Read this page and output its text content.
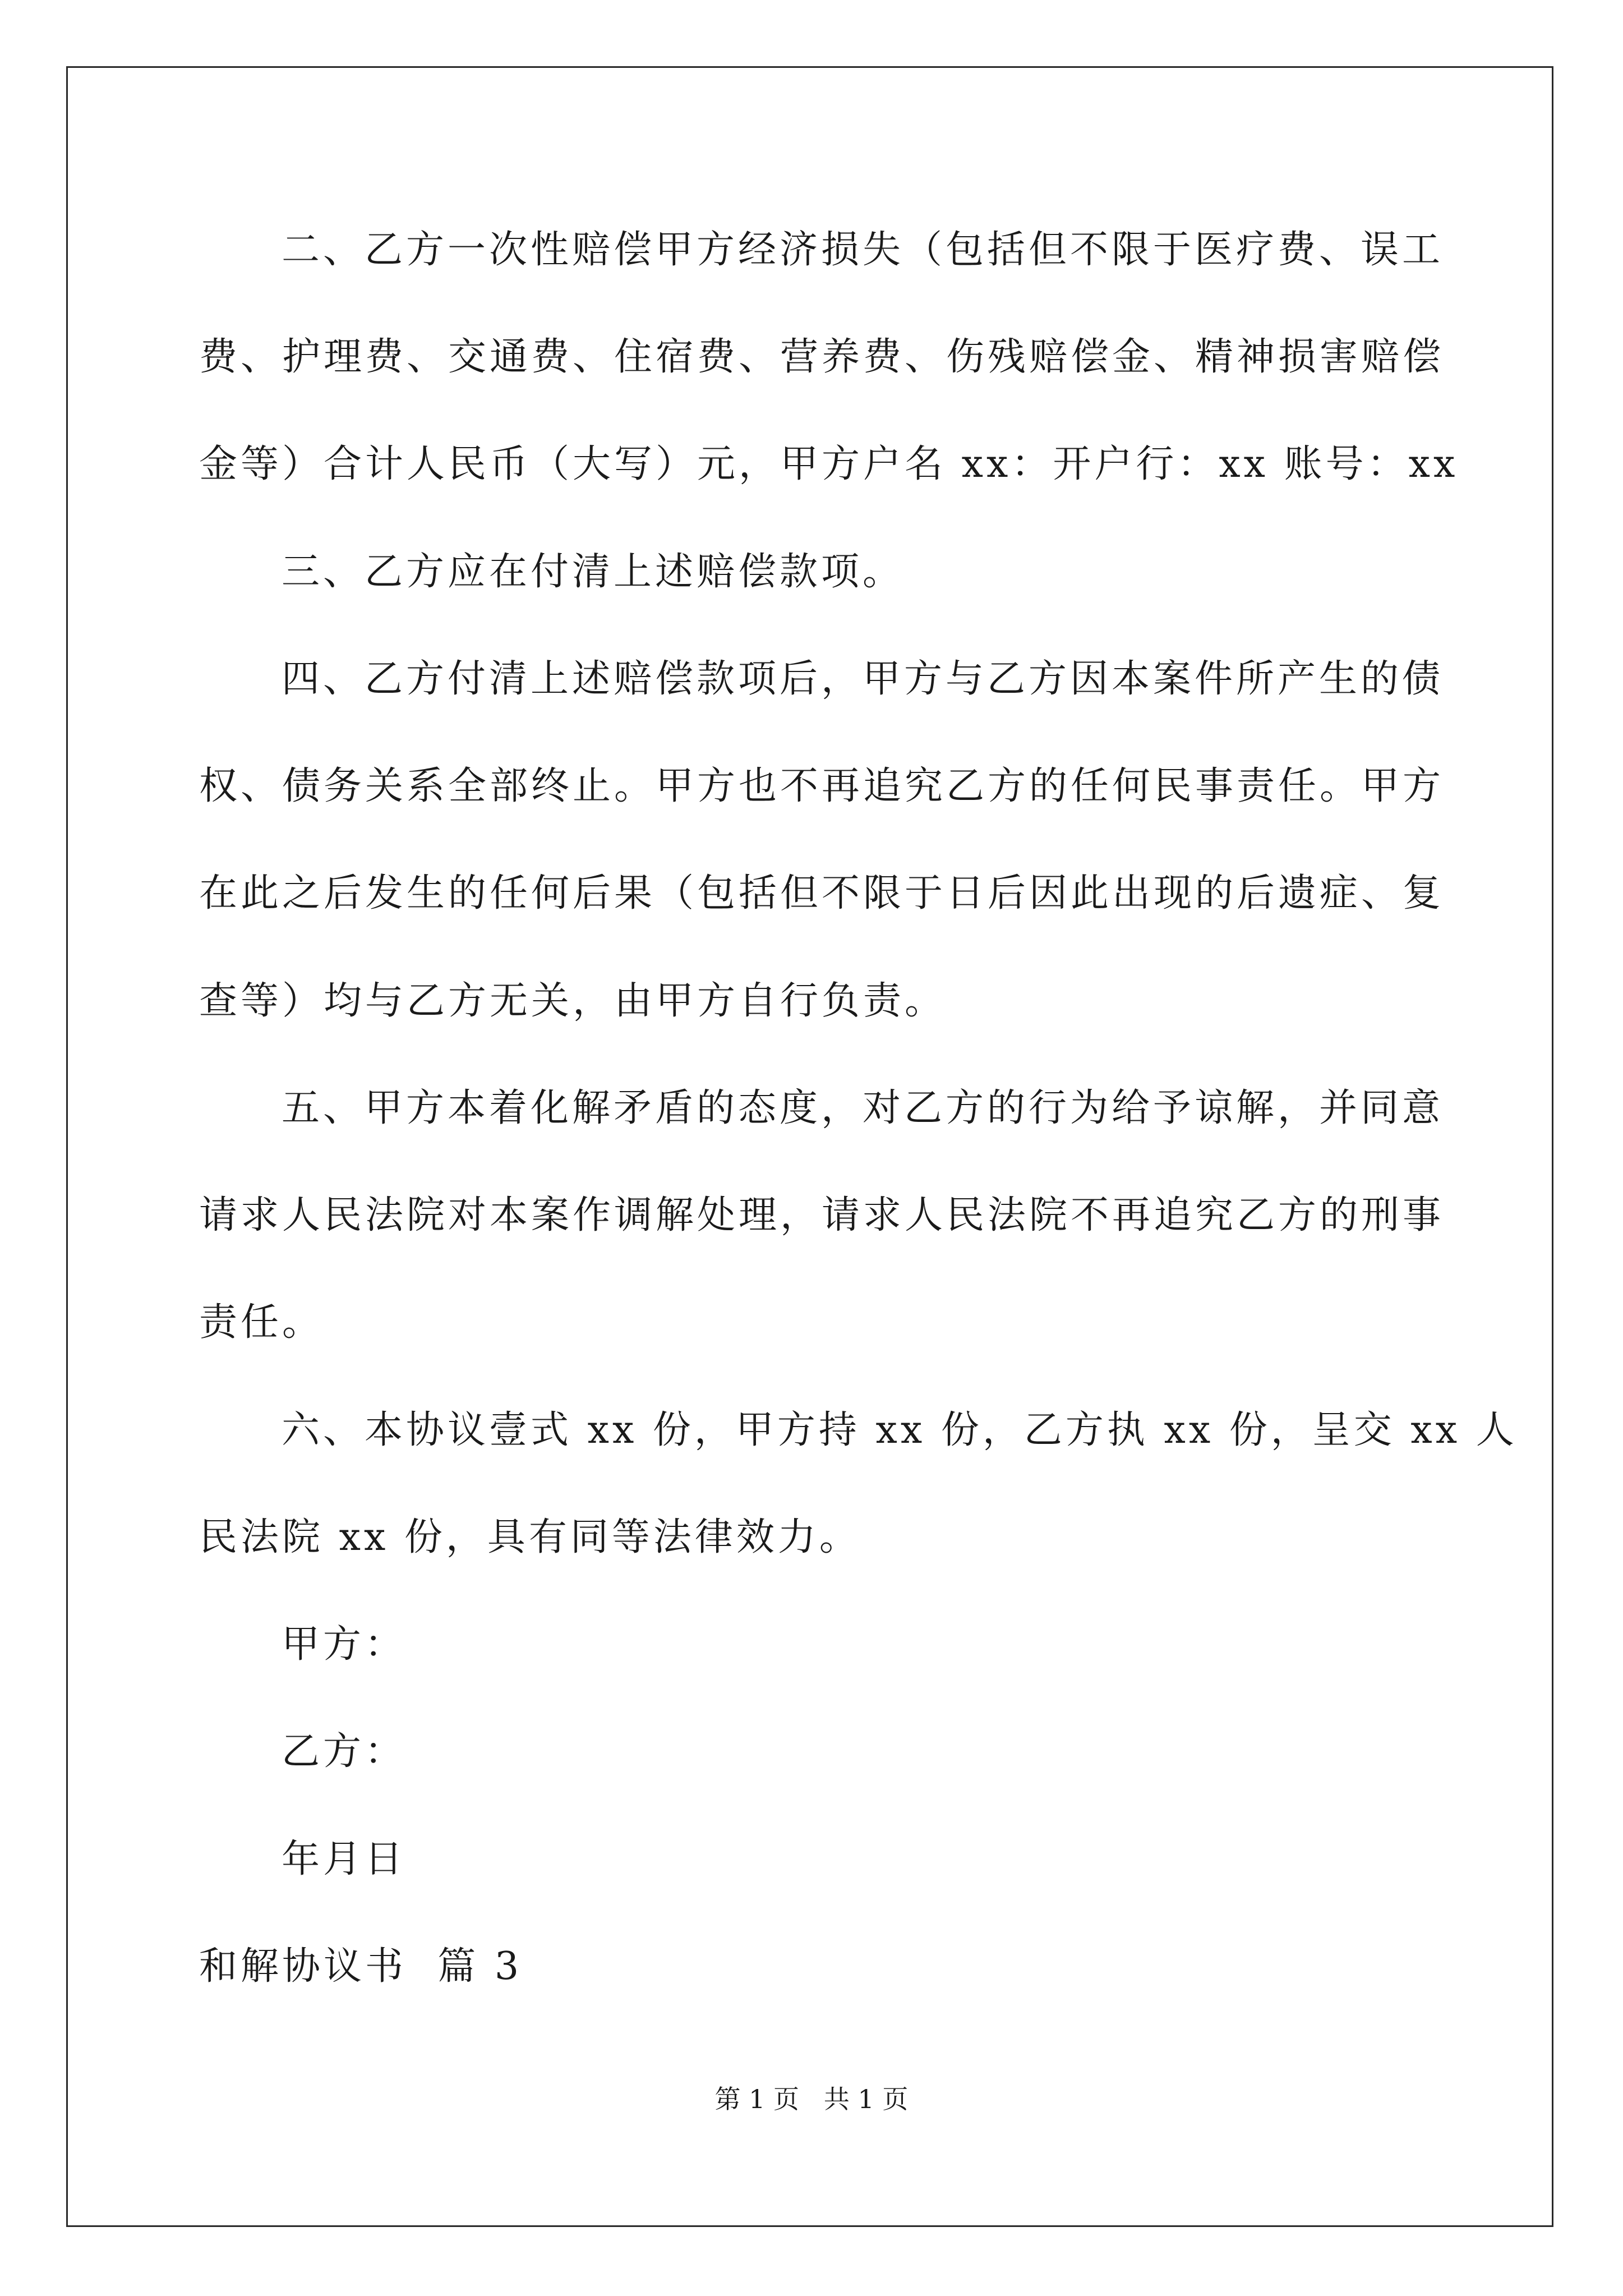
二、乙方一次性赔偿甲方经济损失（包括但不限于医疗费、误工
费、护理费、交通费、住宿费、营养费、伤残赔偿金、精神损害赔偿
金等）合计人民币（大写）元，甲方户名 xx：开户行：xx 账号：xx
三、乙方应在付清上述赔偿款项。
四、乙方付清上述赔偿款项后，甲方与乙方因本案件所产生的债
权、债务关系全部终止。甲方也不再追究乙方的任何民事责任。甲方
在此之后发生的任何后果（包括但不限于日后因此出现的后遗症、复
查等）均与乙方无关，由甲方自行负责。
五、甲方本着化解矛盾的态度，对乙方的行为给予谅解，并同意
请求人民法院对本案作调解处理，请求人民法院不再追究乙方的刑事
责任。
六、本协议壹式 xx 份，甲方持 xx 份，乙方执 xx 份，呈交 xx 人
民法院 xx 份，具有同等法律效力。
甲方：
乙方：
年月日
和解协议书  篇 3
第 1 页   共 1 页
